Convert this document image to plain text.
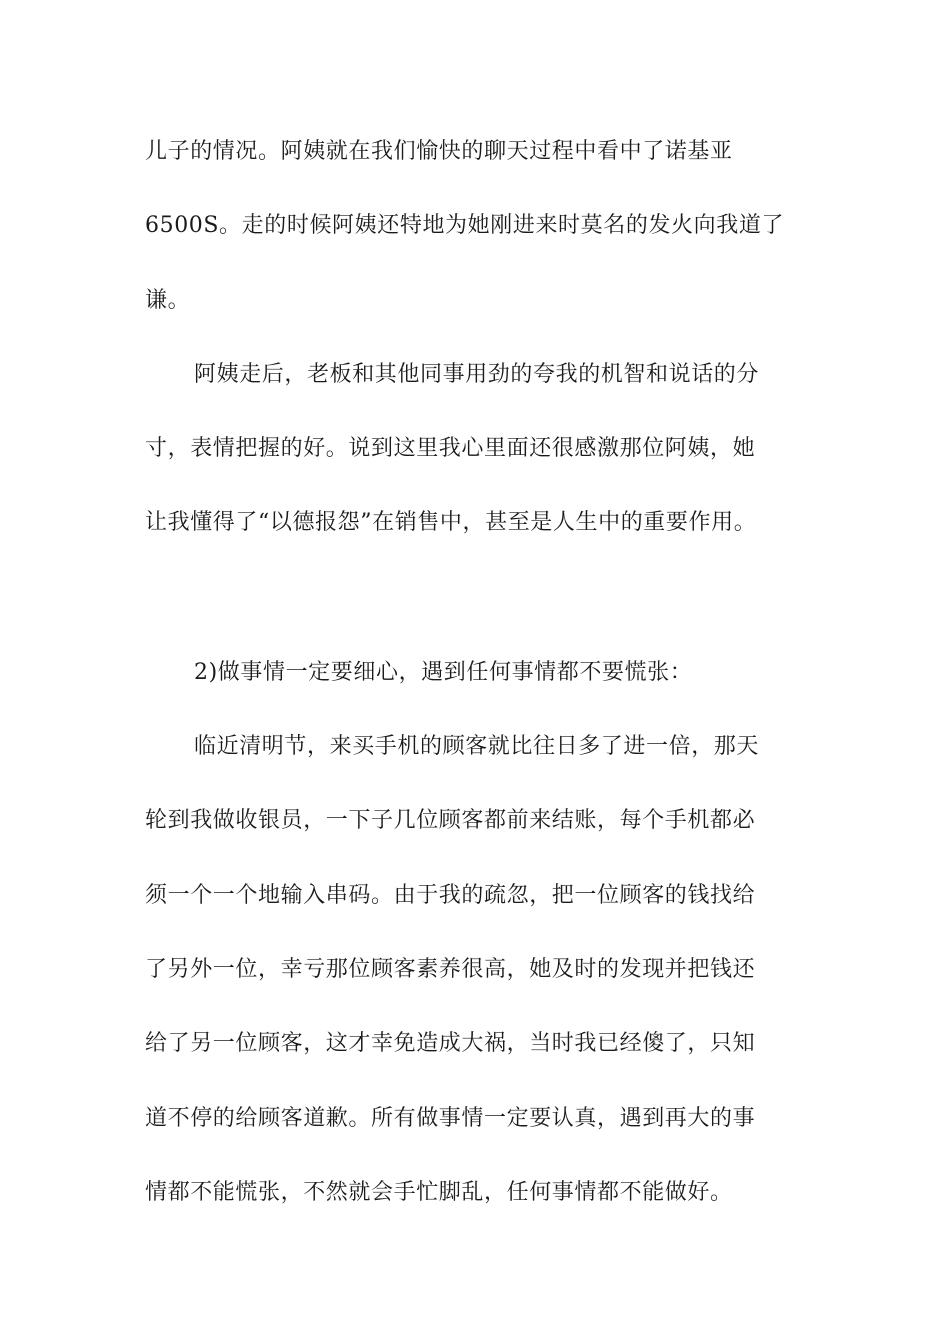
儿子的情况。阿姨就在我们愉快的聊天过程中看中了诺基亚
6500S。走的时候阿姨还特地为她刚进来时莫名的发火向我道了
谦。
阿姨走后，老板和其他同事用劲的夸我的机智和说话的分
寸，表情把握的好。说到这里我心里面还很感激那位阿姨，她
让我懂得了“以德报怨”在销售中，甚至是人生中的重要作用。
2)做事情一定要细心，遇到任何事情都不要慌张：
临近清明节，来买手机的顾客就比往日多了进一倍，那天
轮到我做收银员，一下子几位顾客都前来结账，每个手机都必
须一个一个地输入串码。由于我的疏忽，把一位顾客的钱找给
了另外一位，幸亏那位顾客素养很高，她及时的发现并把钱还
给了另一位顾客，这才幸免造成大祸，当时我已经傻了，只知
道不停的给顾客道歉。所有做事情一定要认真，遇到再大的事
情都不能慌张，不然就会手忙脚乱，任何事情都不能做好。
